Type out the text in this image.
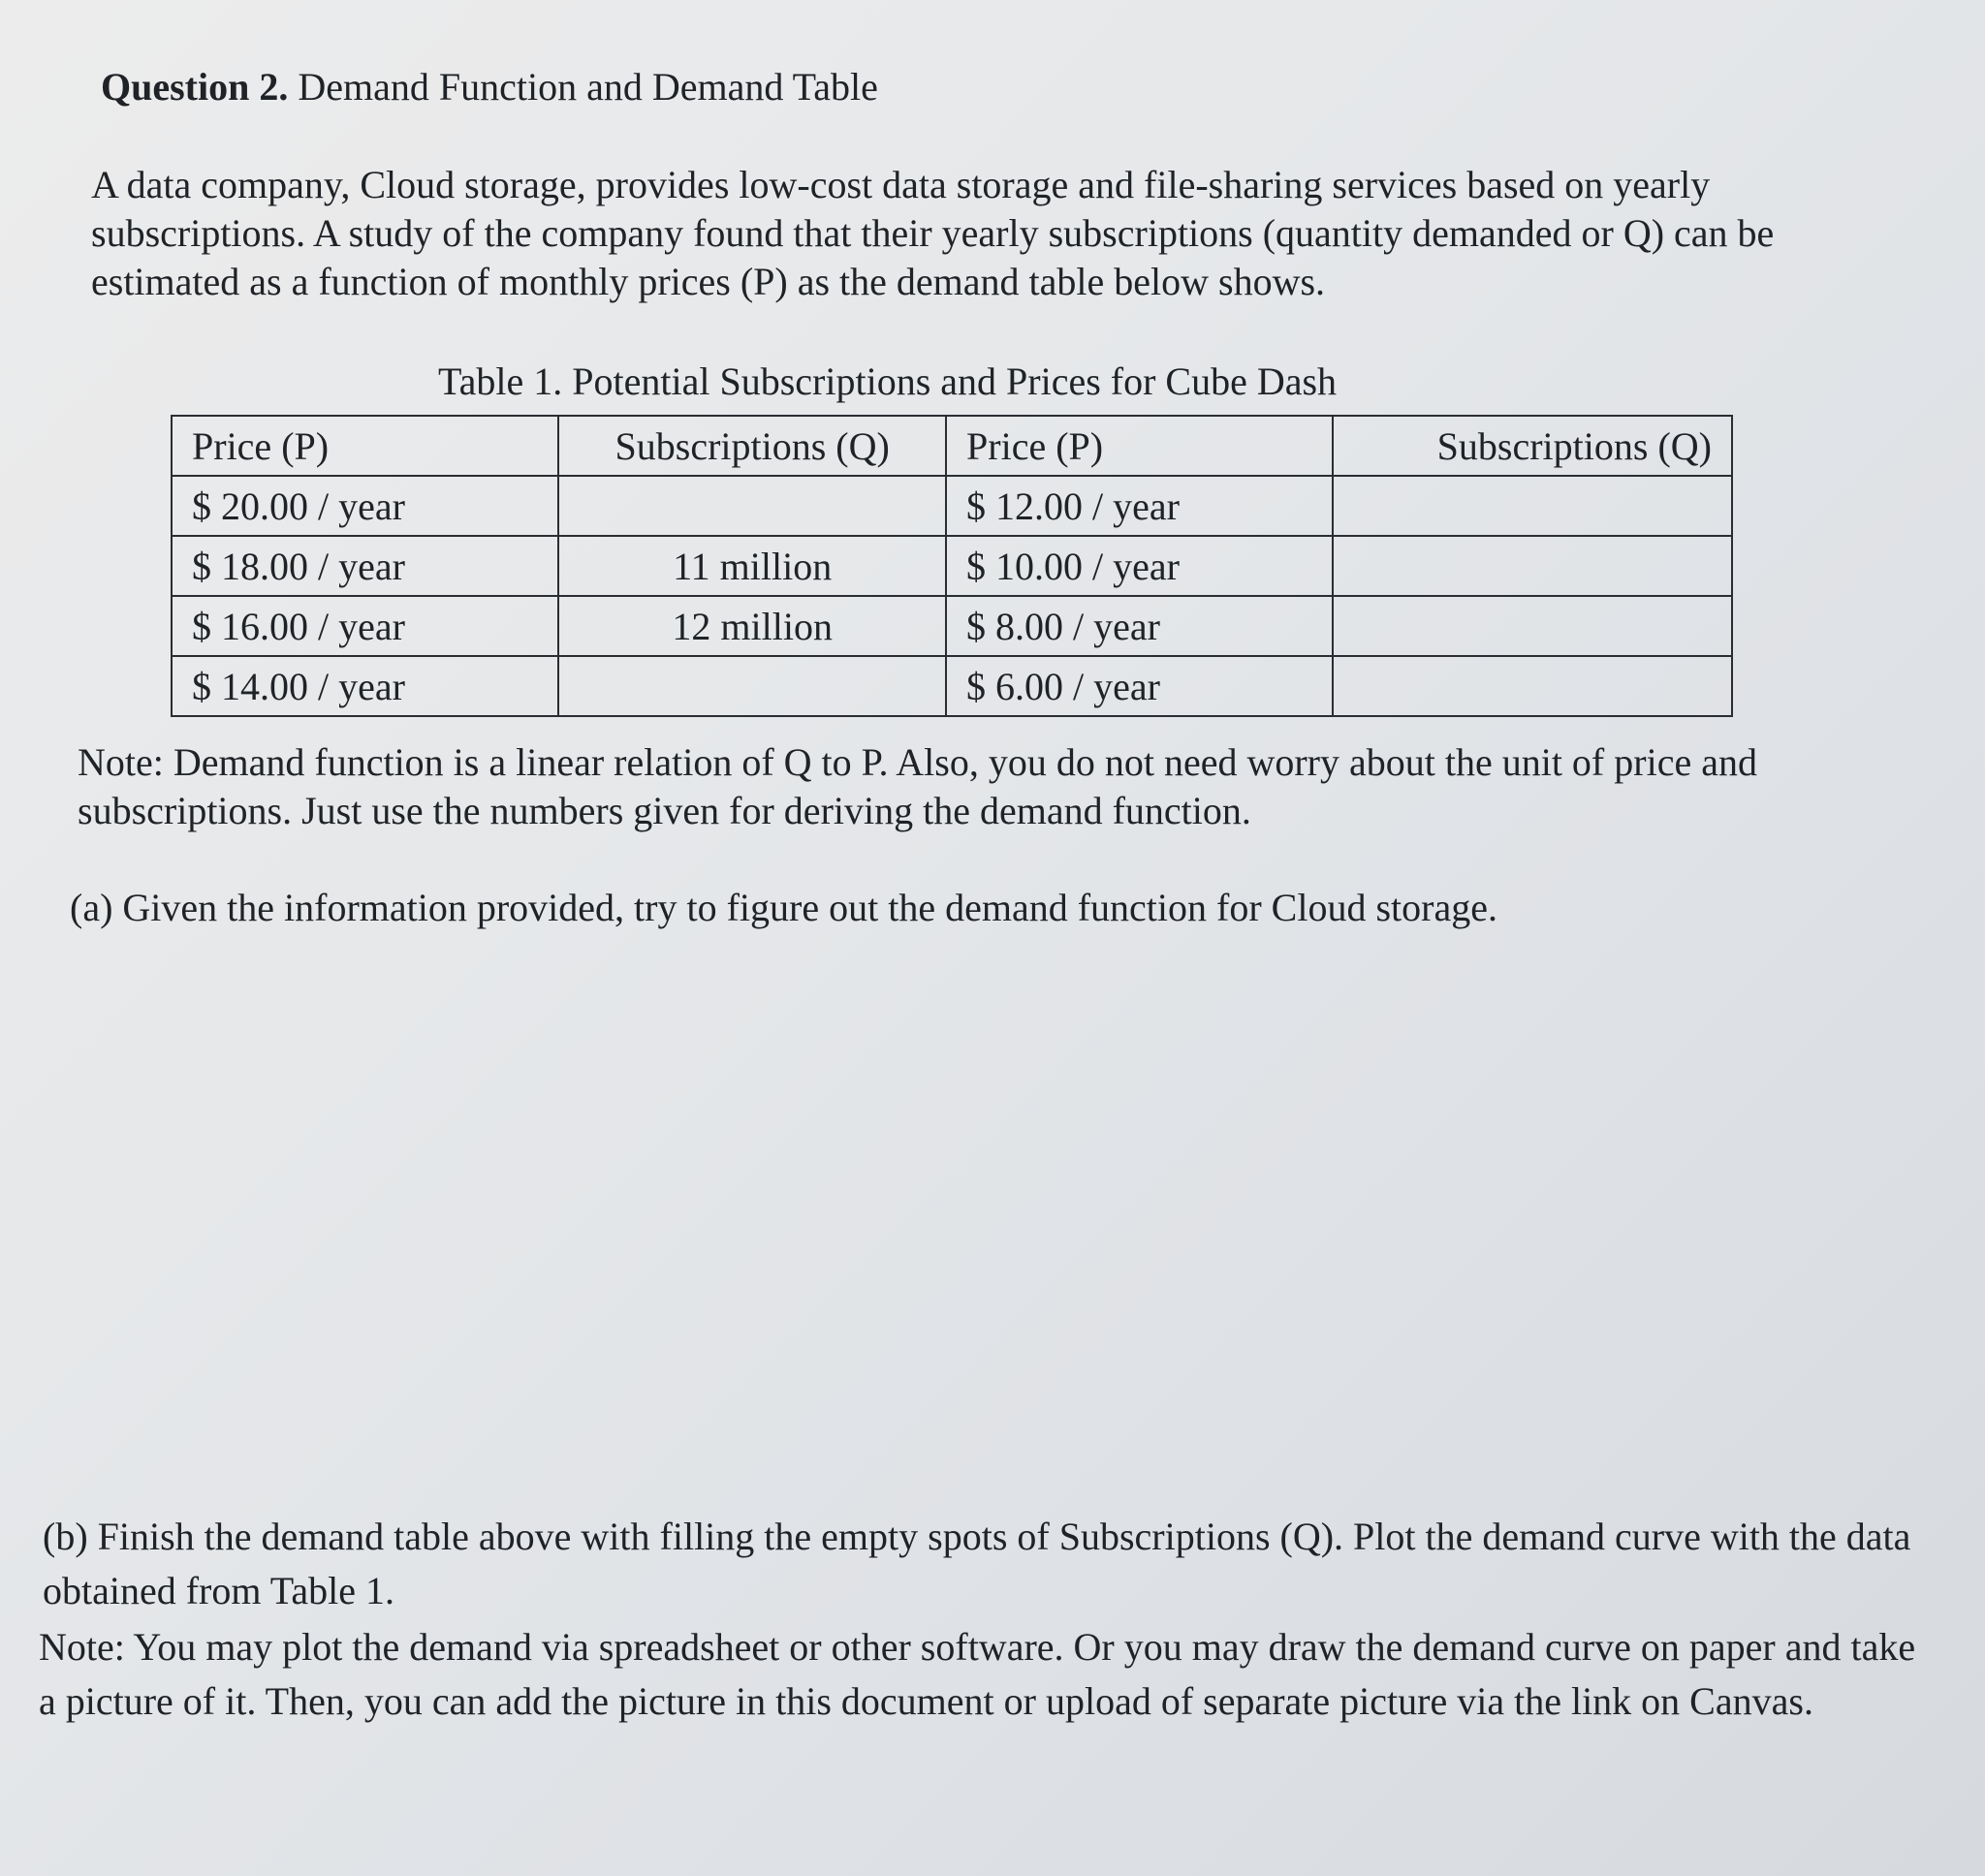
Question 2. Demand Function and Demand Table
A data company, Cloud storage, provides low-cost data storage and file-sharing services based on yearly subscriptions. A study of the company found that their yearly subscriptions (quantity demanded or Q) can be estimated as a function of monthly prices (P) as the demand table below shows.
Table 1. Potential Subscriptions and Prices for Cube Dash
Price (P)	Subscriptions (Q)	Price (P)	Subscriptions (Q)
$ 20.00 / year		$ 12.00 / year	
$ 18.00 / year	11 million	$ 10.00 / year	
$ 16.00 / year	12 million	$ 8.00 / year	
$ 14.00 / year		$ 6.00 / year	
Note: Demand function is a linear relation of Q to P. Also, you do not need worry about the unit of price and subscriptions. Just use the numbers given for deriving the demand function.
(a) Given the information provided, try to figure out the demand function for Cloud storage.
(b) Finish the demand table above with filling the empty spots of Subscriptions (Q). Plot the demand curve with the data obtained from Table 1.
Note: You may plot the demand via spreadsheet or other software. Or you may draw the demand curve on paper and take a picture of it. Then, you can add the picture in this document or upload of separate picture via the link on Canvas.
